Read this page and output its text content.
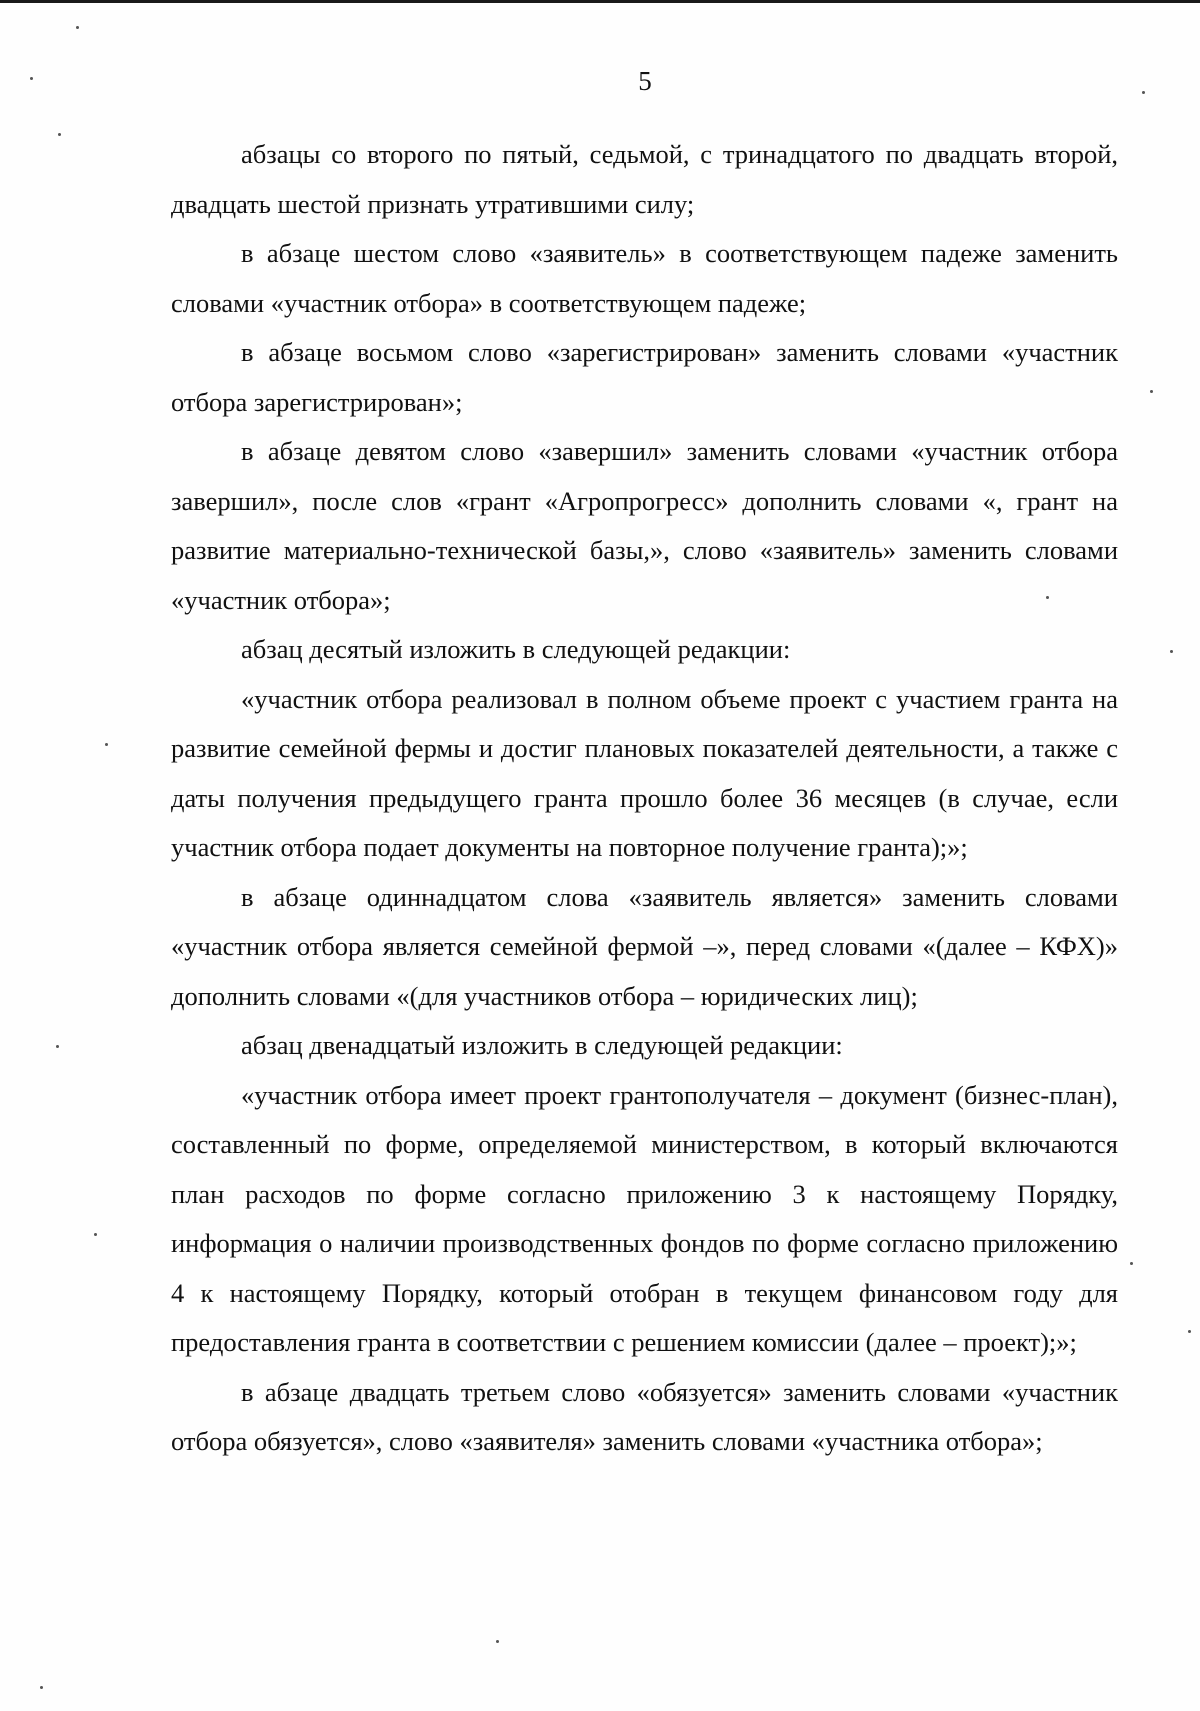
5

абзацы со второго по пятый, седьмой, с тринадцатого по двадцать второй, двадцать шестой признать утратившими силу;

в абзаце шестом слово «заявитель» в соответствующем падеже заменить словами «участник отбора» в соответствующем падеже;

в абзаце восьмом слово «зарегистрирован» заменить словами «участник отбора зарегистрирован»;

в абзаце девятом слово «завершил» заменить словами «участник отбора завершил», после слов «грант «Агропрогресс» дополнить словами «, грант на развитие материально-технической базы,», слово «заявитель» заменить словами «участник отбора»;

абзац десятый изложить в следующей редакции:

«участник отбора реализовал в полном объеме проект с участием гранта на развитие семейной фермы и достиг плановых показателей деятельности, а также с даты получения предыдущего гранта прошло более 36 месяцев (в случае, если участник отбора подает документы на повторное получение гранта);»;

в абзаце одиннадцатом слова «заявитель является» заменить словами «участник отбора является семейной фермой –», перед словами «(далее – КФХ)» дополнить словами «(для участников отбора – юридических лиц);

абзац двенадцатый изложить в следующей редакции:

«участник отбора имеет проект грантополучателя – документ (бизнес-план), составленный по форме, определяемой министерством, в который включаются план расходов по форме согласно приложению 3 к настоящему Порядку, информация о наличии производственных фондов по форме согласно приложению 4 к настоящему Порядку, который отобран в текущем финансовом году для предоставления гранта в соответствии с решением комиссии (далее – проект);»;

в абзаце двадцать третьем слово «обязуется» заменить словами «участник отбора обязуется», слово «заявителя» заменить словами «участника отбора»;
